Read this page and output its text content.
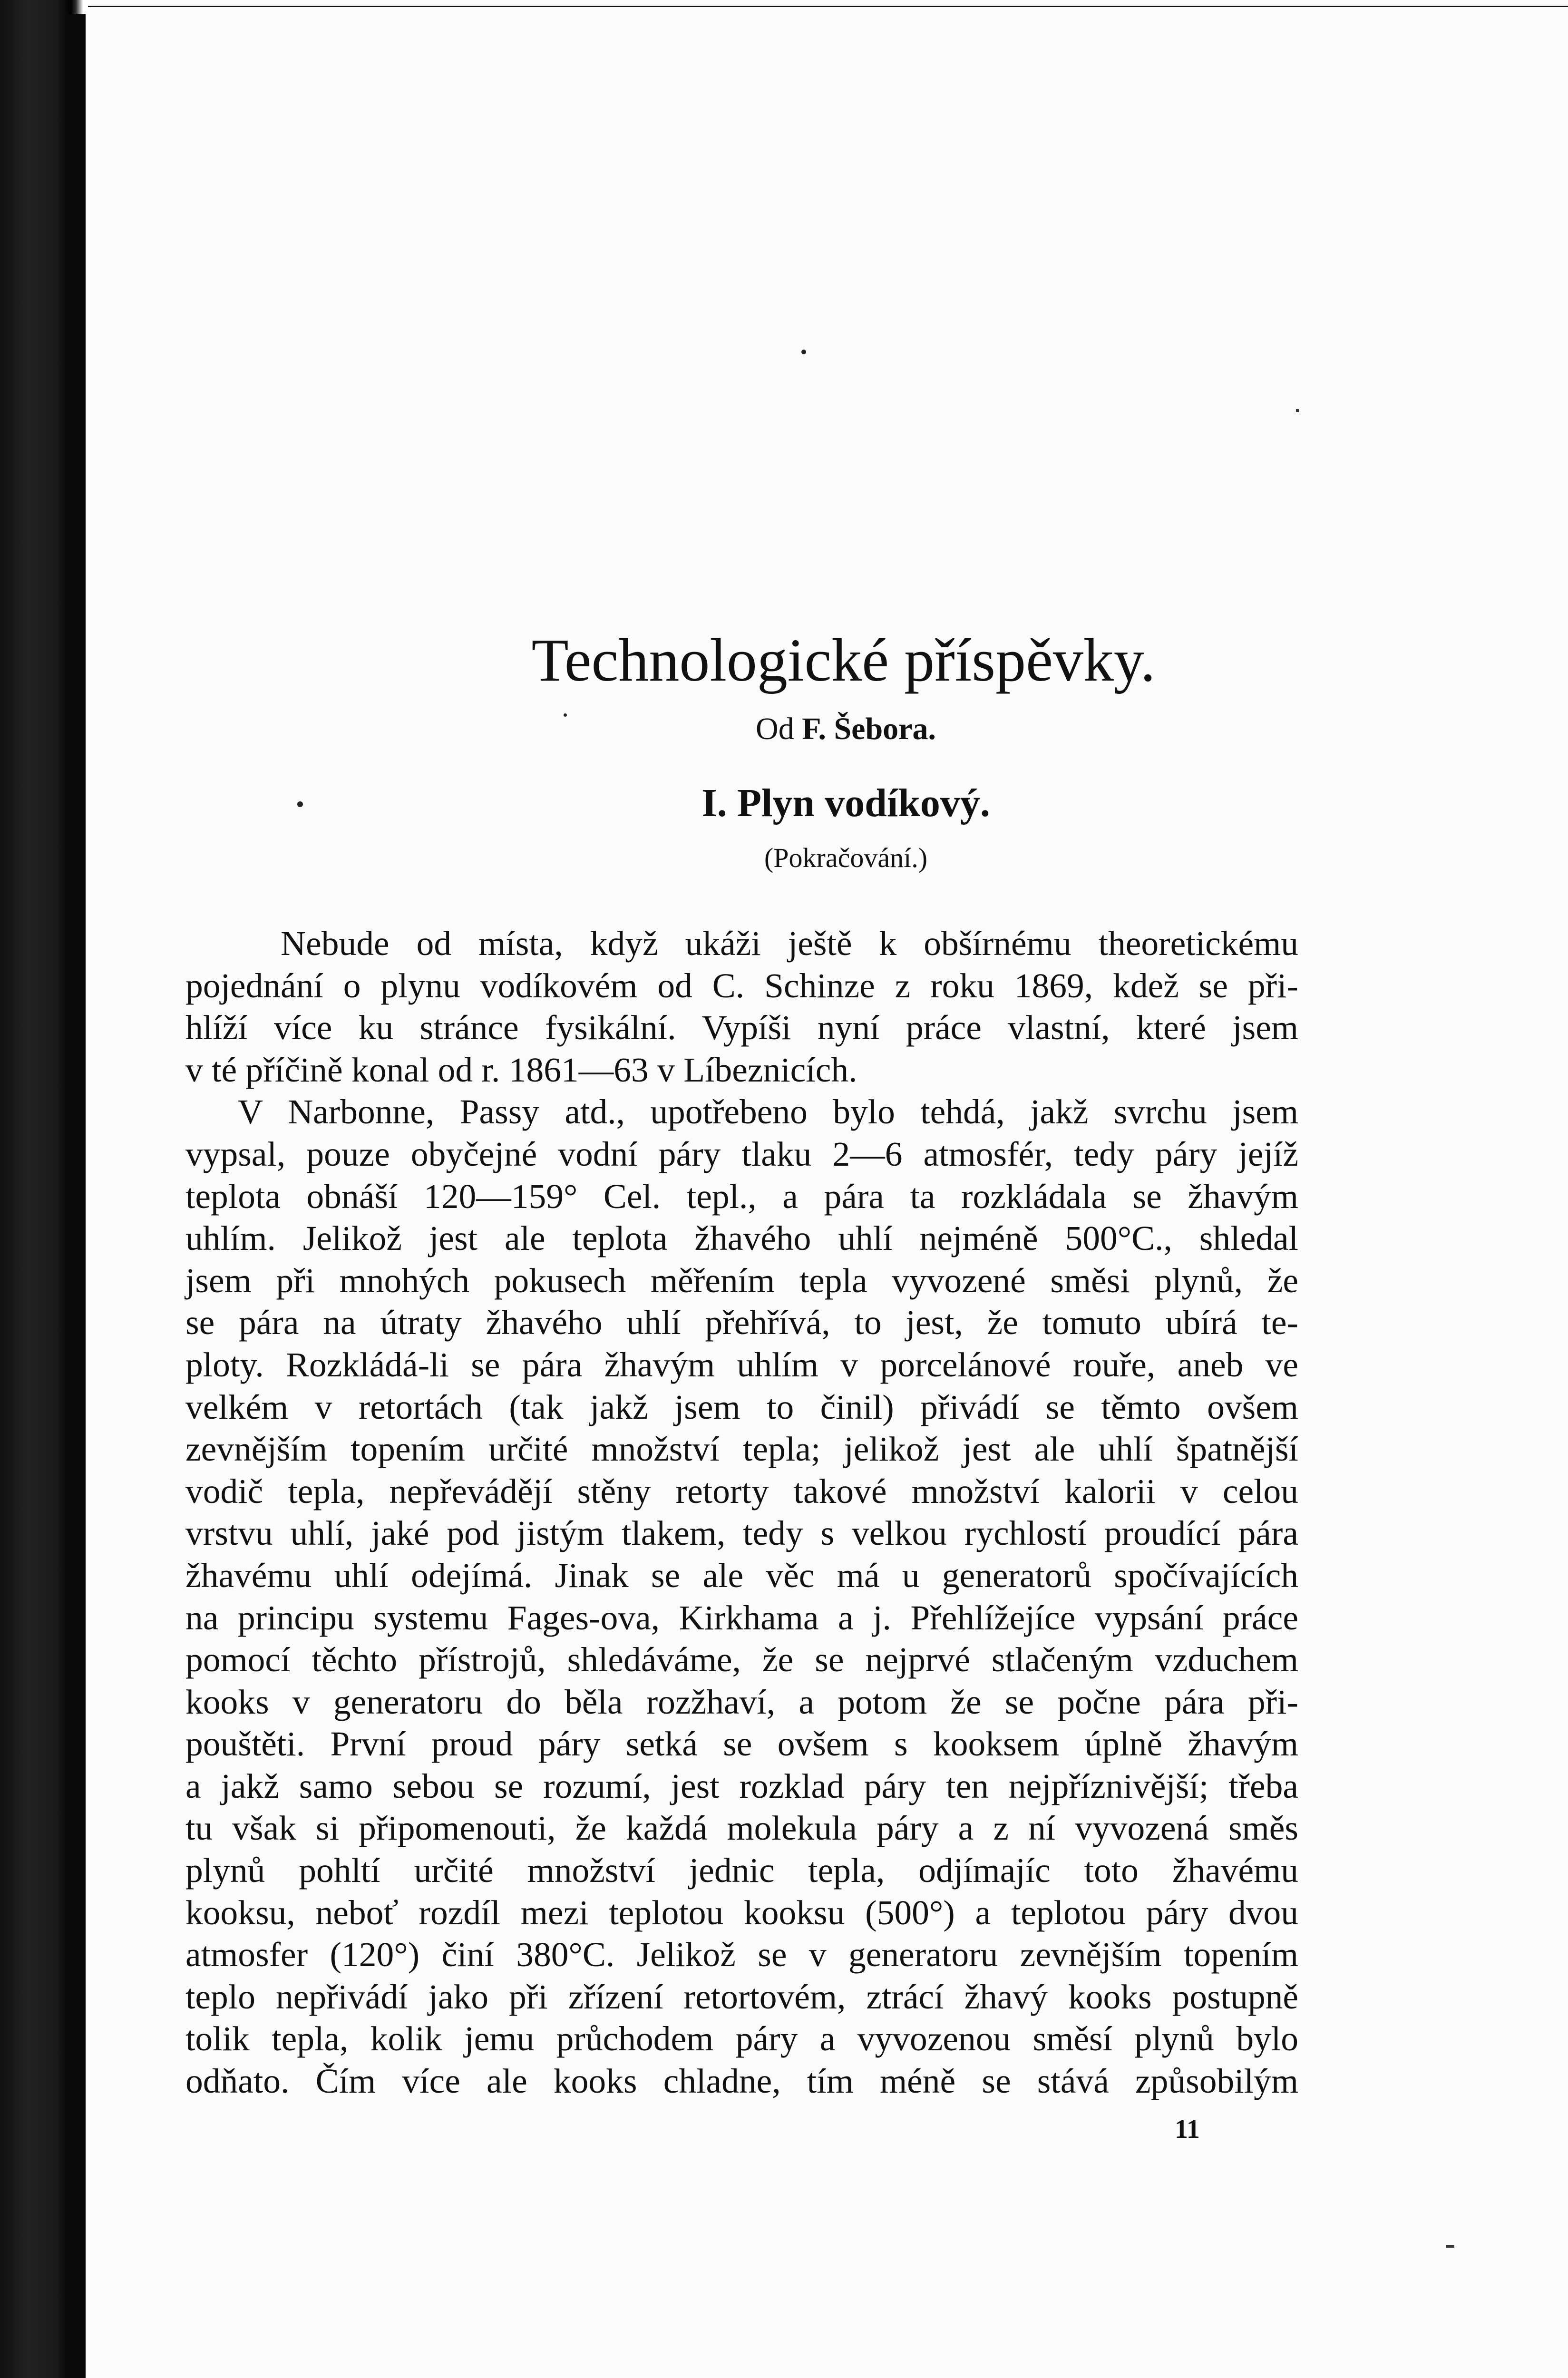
Technologické příspěvky.
Od F. Šebora.
I. Plyn vodíkový.
(Pokračování.)
Nebude od místa, když ukáži ještě k obšírnému theoretickému
pojednání o plynu vodíkovém od C. Schinze z roku 1869, kdež se při-
hlíží více ku stránce fysikální. Vypíši nyní práce vlastní, které jsem
v té příčině konal od r. 1861—63 v Líbeznicích.
V Narbonne, Passy atd., upotřebeno bylo tehdá, jakž svrchu jsem
vypsal, pouze obyčejné vodní páry tlaku 2—6 atmosfér, tedy páry jejíž
teplota obnáší 120—159° Cel. tepl., a pára ta rozkládala se žhavým
uhlím. Jelikož jest ale teplota žhavého uhlí nejméně 500°C., shledal
jsem při mnohých pokusech měřením tepla vyvozené směsi plynů, že
se pára na útraty žhavého uhlí přehřívá, to jest, že tomuto ubírá te-
ploty. Rozkládá-li se pára žhavým uhlím v porcelánové rouře, aneb ve
velkém v retortách (tak jakž jsem to činil) přivádí se těmto ovšem
zevnějším topením určité množství tepla; jelikož jest ale uhlí špatnější
vodič tepla, nepřevádějí stěny retorty takové množství kalorii v celou
vrstvu uhlí, jaké pod jistým tlakem, tedy s velkou rychlostí proudící pára
žhavému uhlí odejímá. Jinak se ale věc má u generatorů spočívajících
na principu systemu Fages-ova, Kirkhama a j. Přehlížejíce vypsání práce
pomocí těchto přístrojů, shledáváme, že se nejprvé stlačeným vzduchem
kooks v generatoru do běla rozžhaví, a potom že se počne pára při-
pouštěti. První proud páry setká se ovšem s kooksem úplně žhavým
a jakž samo sebou se rozumí, jest rozklad páry ten nejpříznivější; třeba
tu však si připomenouti, že každá molekula páry a z ní vyvozená směs
plynů pohltí určité množství jednic tepla, odjímajíc toto žhavému
kooksu, neboť rozdíl mezi teplotou kooksu (500°) a teplotou páry dvou
atmosfer (120°) činí 380°C. Jelikož se v generatoru zevnějším topením
teplo nepřivádí jako při zřízení retortovém, ztrácí žhavý kooks postupně
tolik tepla, kolik jemu průchodem páry a vyvozenou směsí plynů bylo
odňato. Čím více ale kooks chladne, tím méně se stává způsobilým
11
